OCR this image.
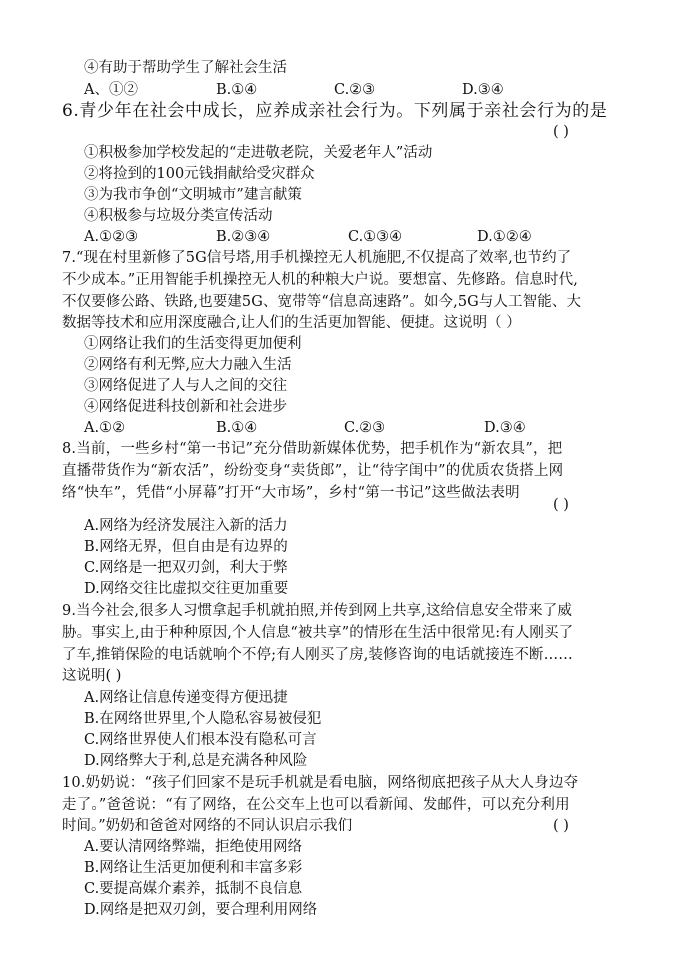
④有助于帮助学生了解社会生活
A、①②	B.①④	C.②③	D.③④
6.青少年在社会中成长，应养成亲社会行为。下列属于亲社会行为的是
( )
①积极参加学校发起的“走进敬老院，关爱老年人”活动
②将捡到的100元钱捐献给受灾群众
③为我市争创“文明城市”建言献策
④积极参与垃圾分类宣传活动
A.①②③	B.②③④	C.①③④	D.①②④
7.“现在村里新修了5G信号塔,用手机操控无人机施肥,不仅提高了效率,也节约了
不少成本。”正用智能手机操控无人机的种粮大户说。要想富、先修路。信息时代,
不仅要修公路、铁路,也要建5G、宽带等“信息高速路”。如今,5G与人工智能、大
数据等技术和应用深度融合,让人们的生活更加智能、便捷。这说明（ ）
①网络让我们的生活变得更加便利
②网络有利无弊,应大力融入生活
③网络促进了人与人之间的交往
④网络促进科技创新和社会进步
A.①②	B.①④	C.②③	D.③④
8.当前，一些乡村“第一书记”充分借助新媒体优势，把手机作为“新农具”，把
直播带货作为“新农活”，纷纷变身“卖货郎”，让“待字闺中”的优质农货搭上网
络“快车”，凭借“小屏幕”打开“大市场”，乡村“第一书记”这些做法表明
( )
A.网络为经济发展注入新的活力
B.网络无界，但自由是有边界的
C.网络是一把双刃剑，利大于弊
D.网络交往比虚拟交往更加重要
9.当今社会,很多人习惯拿起手机就拍照,并传到网上共享,这给信息安全带来了威
胁。事实上,由于种种原因,个人信息“被共享”的情形在生活中很常见:有人刚买了
了车,推销保险的电话就响个不停;有人刚买了房,装修咨询的电话就接连不断……
这说明( )
A.网络让信息传递变得方便迅捷
B.在网络世界里,个人隐私容易被侵犯
C.网络世界使人们根本没有隐私可言
D.网络弊大于利,总是充满各种风险
10.奶奶说：“孩子们回家不是玩手机就是看电脑，网络彻底把孩子从大人身边夺
走了。”爸爸说：“有了网络，在公交车上也可以看新闻、发邮件，可以充分利用
时间。”奶奶和爸爸对网络的不同认识启示我们	( )
A.要认清网络弊端，拒绝使用网络
B.网络让生活更加便利和丰富多彩
C.要提高媒介素养，抵制不良信息
D.网络是把双刃剑，要合理利用网络
